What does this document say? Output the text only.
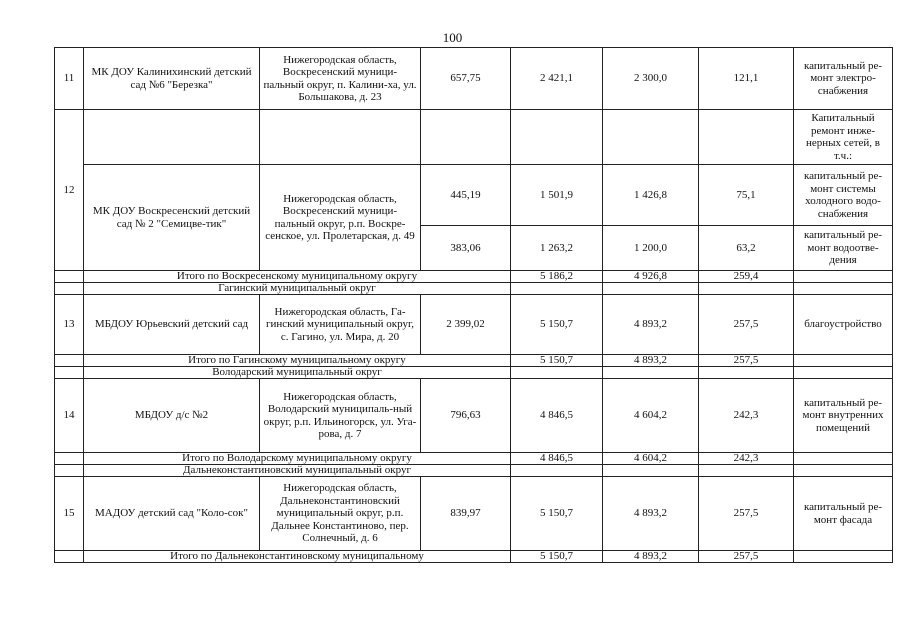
100
11	МК ДОУ Калинихинский детский сад №6 "Березка"	Нижегородская область, Воскресенский муници-пальный округ, п. Калини-ха, ул. Большакова, д. 23	657,75	2 421,1	2 300,0	121,1	капитальный ре-монт электро-снабжения
12							Капитальный ремонт инже-нерных сетей, в т.ч.:
	МК ДОУ Воскресенский детский сад № 2 "Семицве-тик"	Нижегородская область, Воскресенский муници-пальный округ, р.п. Воскре-сенское, ул. Пролетарская, д. 49	445,19	1 501,9	1 426,8	75,1	капитальный ре-монт системы холодного водо-снабжения
			383,06	1 263,2	1 200,0	63,2	капитальный ре-монт водоотве-дения
	Итого по Воскресенскому муниципальному округу			5 186,2	4 926,8	259,4	
	Гагинский муниципальный округ						
13	МБДОУ Юрьевский детский сад	Нижегородская область, Га-гинский муниципальный округ, с. Гагино, ул. Мира, д. 20	2 399,02	5 150,7	4 893,2	257,5	благоустройство
	Итого по Гагинскому муниципальному округу			5 150,7	4 893,2	257,5	
	Володарский муниципальный округ						
14	МБДОУ д/с №2	Нижегородская область, Володарский муниципаль-ный округ, р.п. Ильиногорск, ул. Уга-рова, д. 7	796,63	4 846,5	4 604,2	242,3	капитальный ре-монт внутренних помещений
	Итого по Володарскому муниципальному округу			4 846,5	4 604,2	242,3	
	Дальнеконстантиновский муниципальный округ						
15	МАДОУ детский сад "Коло-сок"	Нижегородская область, Дальнеконстантиновский муниципальный округ, р.п. Дальнее Константиново, пер. Солнечный, д. 6	839,97	5 150,7	4 893,2	257,5	капитальный ре-монт фасада
	Итого по Дальнеконстантиновскому муниципальному			5 150,7	4 893,2	257,5	
